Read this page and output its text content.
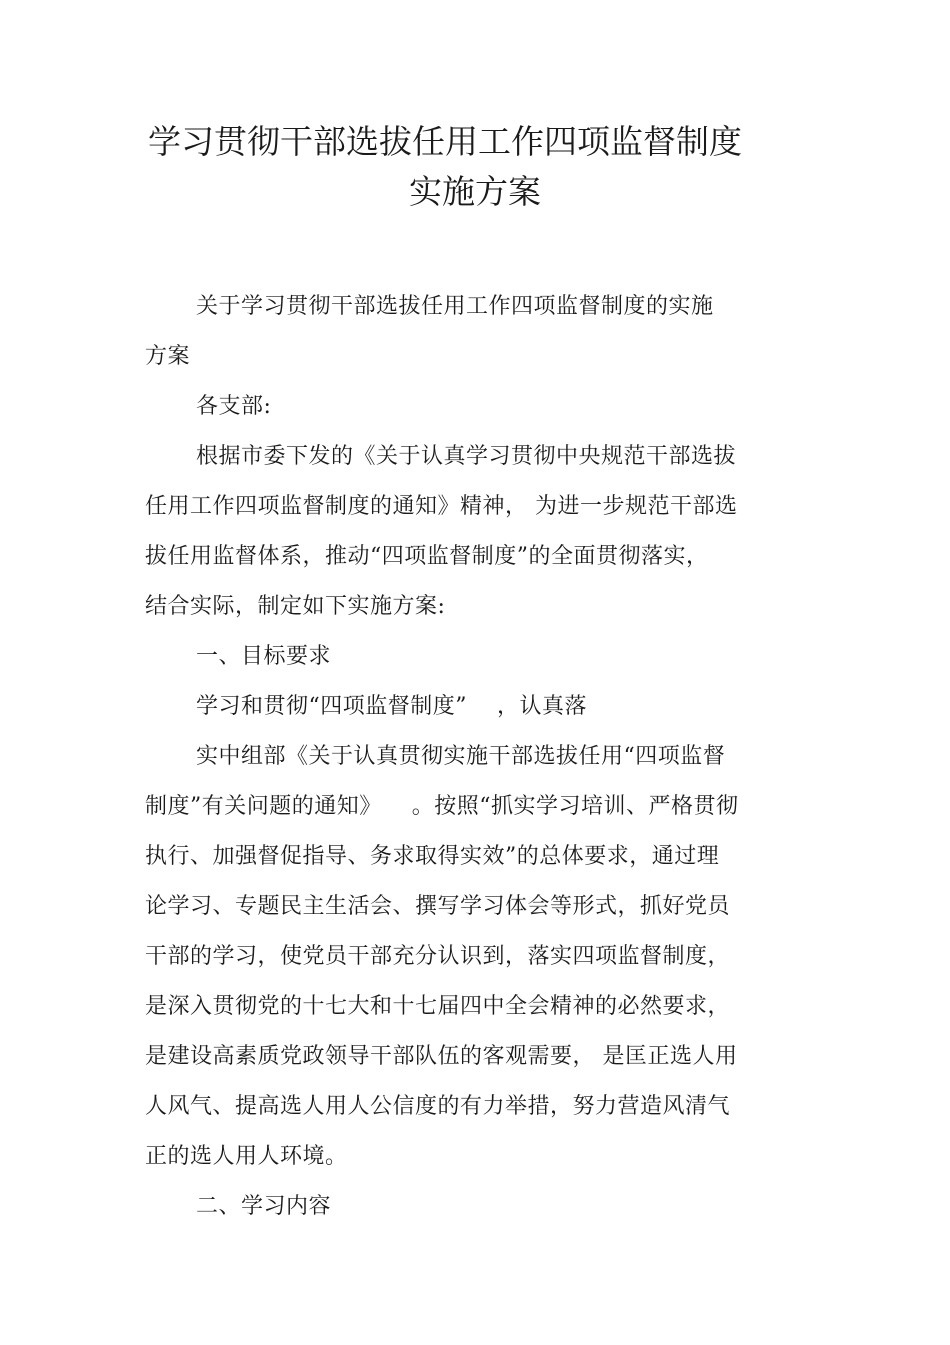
学习贯彻干部选拔任用工作四项监督制度
实施方案
关于学习贯彻干部选拔任用工作四项监督制度的实施
方案
各支部:
根据市委下发的《关于认真学习贯彻中央规范干部选拔
任用工作四项监督制度的通知》精神， 为进一步规范干部选
拔任用监督体系，推动“四项监督制度”的全面贯彻落实，
结合实际，制定如下实施方案:
一、目标要求
学习和贯彻“四项监督制度”    ，认真落
实中组部《关于认真贯彻实施干部选拔任用“四项监督
制度”有关问题的通知》    。按照“抓实学习培训、严格贯彻
执行、加强督促指导、务求取得实效”的总体要求，通过理
论学习、专题民主生活会、撰写学习体会等形式，抓好党员
干部的学习，使党员干部充分认识到，落实四项监督制度，
是深入贯彻党的十七大和十七届四中全会精神的必然要求，
是建设高素质党政领导干部队伍的客观需要， 是匡正选人用
人风气、提高选人用人公信度的有力举措，努力营造风清气
正的选人用人环境。
二、学习内容
